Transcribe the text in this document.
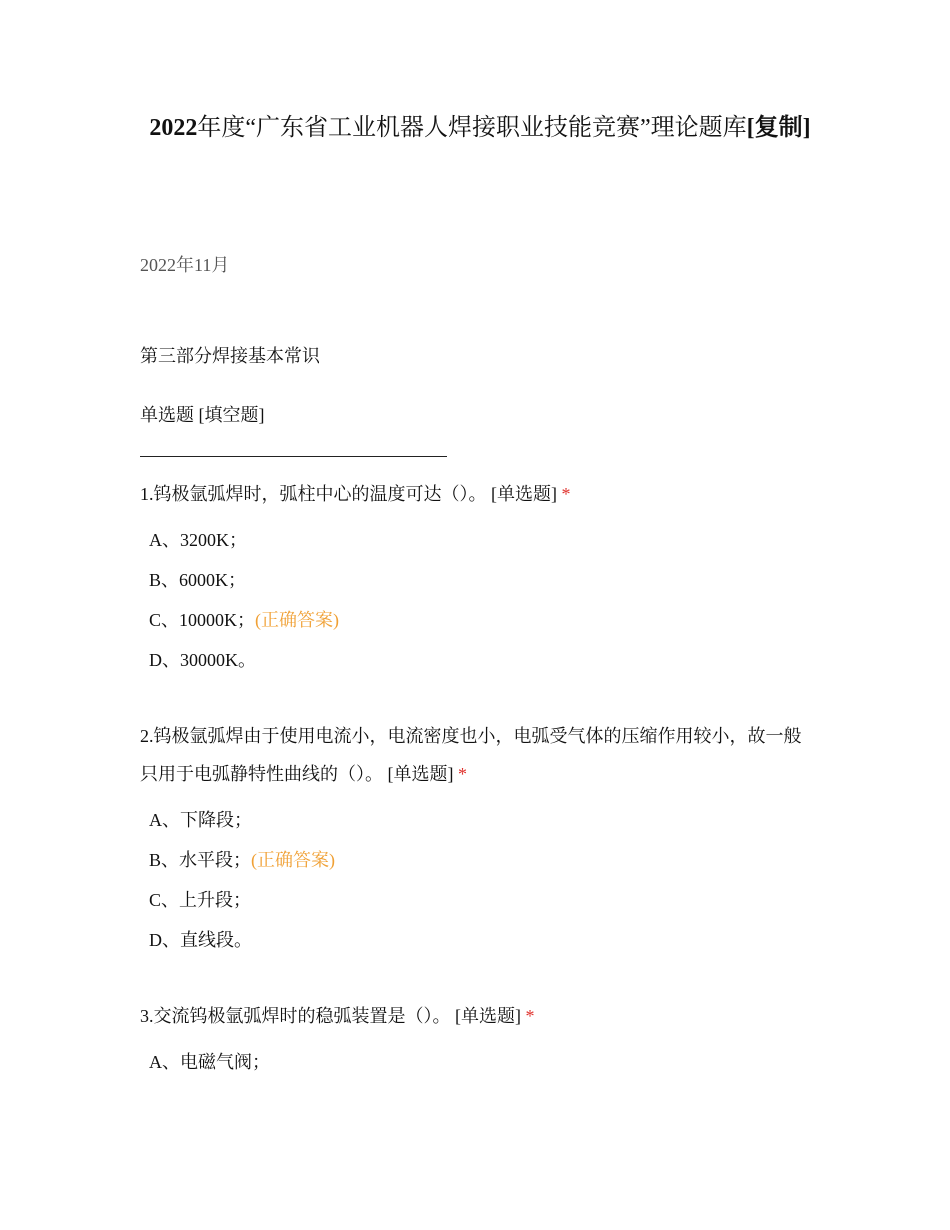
2022年度“广东省工业机器人焊接职业技能竞赛”理论题库[复制]
2022年11月
第三部分焊接基本常识
单选题 [填空题]
1.钨极氩弧焊时，弧柱中心的温度可达（）。 [单选题] *
A、3200K；
B、6000K；
C、10000K；(正确答案)
D、30000K。
2.钨极氩弧焊由于使用电流小，电流密度也小，电弧受气体的压缩作用较小，故一般只用于电弧静特性曲线的（）。 [单选题] *
A、下降段；
B、水平段；(正确答案)
C、上升段；
D、直线段。
3.交流钨极氩弧焊时的稳弧装置是（）。 [单选题] *
A、电磁气阀；
